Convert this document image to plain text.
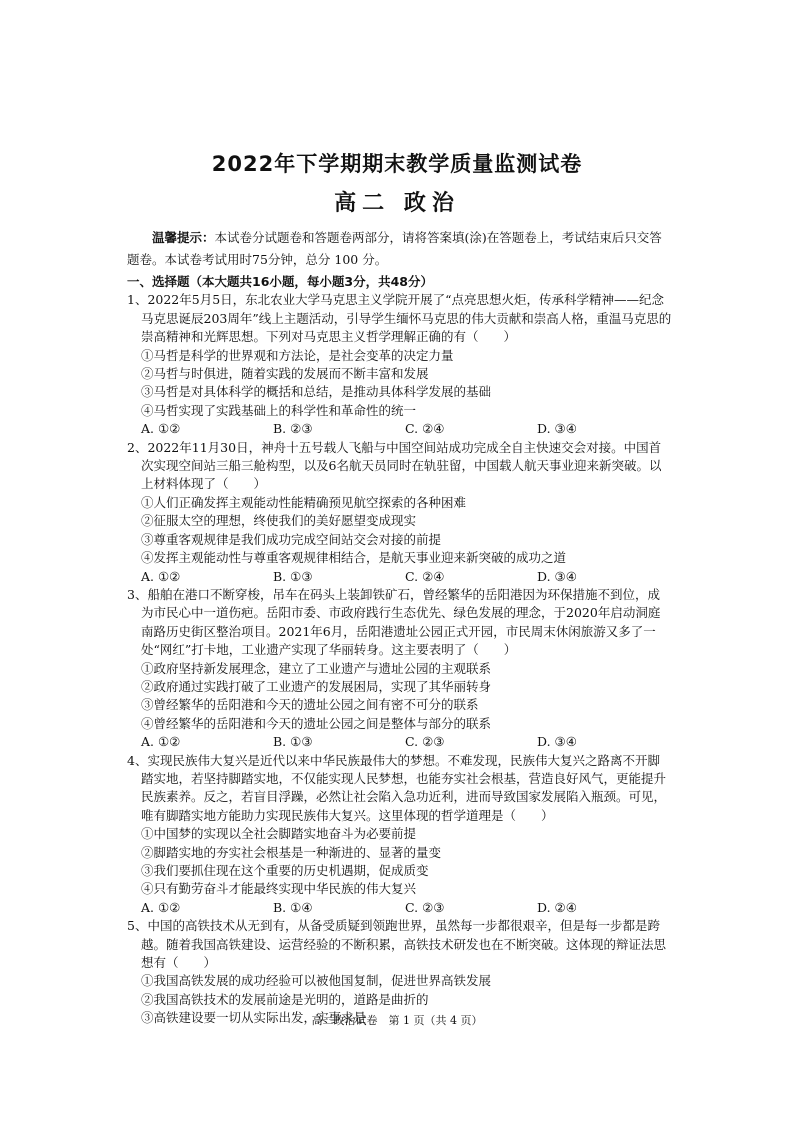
2022年下学期期末教学质量监测试卷
高二 政治
温馨提示：本试卷分试题卷和答题卷两部分，请将答案填(涂)在答题卷上，考试结束后只交答题卷。本试卷考试用时75分钟，总分 100 分。
一、选择题（本大题共16小题，每小题3分，共48分）
1、2022年5月5日，东北农业大学马克思主义学院开展了“点亮思想火炬，传承科学精神——纪念马克思诞辰203周年”线上主题活动，引导学生缅怀马克思的伟大贡献和崇高人格，重温马克思的崇高精神和光辉思想。下列对马克思主义哲学理解正确的有（　　）
①马哲是科学的世界观和方法论，是社会变革的决定力量
②马哲与时俱进，随着实践的发展而不断丰富和发展
③马哲是对具体科学的概括和总结，是推动具体科学发展的基础
④马哲实现了实践基础上的科学性和革命性的统一
A. ①②	B. ②③	C. ②④	D. ③④
2、2022年11月30日，神舟十五号载人飞船与中国空间站成功完成全自主快速交会对接。中国首次实现空间站三船三舱构型，以及6名航天员同时在轨驻留，中国载人航天事业迎来新突破。以上材料体现了（　　）
①人们正确发挥主观能动性能精确预见航空探索的各种困难
②征服太空的理想，终使我们的美好愿望变成现实
③尊重客观规律是我们成功完成空间站交会对接的前提
④发挥主观能动性与尊重客观规律相结合，是航天事业迎来新突破的成功之道
A. ①②	B. ①③	C. ②④	D. ③④
3、船舶在港口不断穿梭，吊车在码头上装卸铁矿石，曾经繁华的岳阳港因为环保措施不到位，成为市民心中一道伤疤。岳阳市委、市政府践行生态优先、绿色发展的理念，于2020年启动洞庭南路历史街区整治项目。2021年6月，岳阳港遗址公园正式开园，市民周末休闲旅游又多了一处“网红”打卡地，工业遗产实现了华丽转身。这主要表明了（　　）
①政府坚持新发展理念，建立了工业遗产与遗址公园的主观联系
②政府通过实践打破了工业遗产的发展困局，实现了其华丽转身
③曾经繁华的岳阳港和今天的遗址公园之间有密不可分的联系
④曾经繁华的岳阳港和今天的遗址公园之间是整体与部分的联系
A. ①②	B. ①③	C. ②③	D. ③④
4、实现民族伟大复兴是近代以来中华民族最伟大的梦想。不难发现，民族伟大复兴之路离不开脚踏实地，若坚持脚踏实地，不仅能实现人民梦想，也能夯实社会根基，营造良好风气，更能提升民族素养。反之，若盲目浮躁，必然让社会陷入急功近利，进而导致国家发展陷入瓶颈。可见，唯有脚踏实地方能助力实现民族伟大复兴。这里体现的哲学道理是（　　）
①中国梦的实现以全社会脚踏实地奋斗为必要前提
②脚踏实地的夯实社会根基是一种渐进的、显著的量变
③我们要抓住现在这个重要的历史机遇期，促成质变
④只有勤劳奋斗才能最终实现中华民族的伟大复兴
A. ①②	B. ①④	C. ②③	D. ②④
5、中国的高铁技术从无到有，从备受质疑到领跑世界，虽然每一步都很艰辛，但是每一步都是跨越。随着我国高铁建设、运营经验的不断积累，高铁技术研发也在不断突破。这体现的辩证法思想有（　　）
①我国高铁发展的成功经验可以被他国复制，促进世界高铁发展
②我国高铁技术的发展前途是光明的，道路是曲折的
③高铁建设要一切从实际出发，实事求是
高二政治试卷　第 1 页（共 4 页）
